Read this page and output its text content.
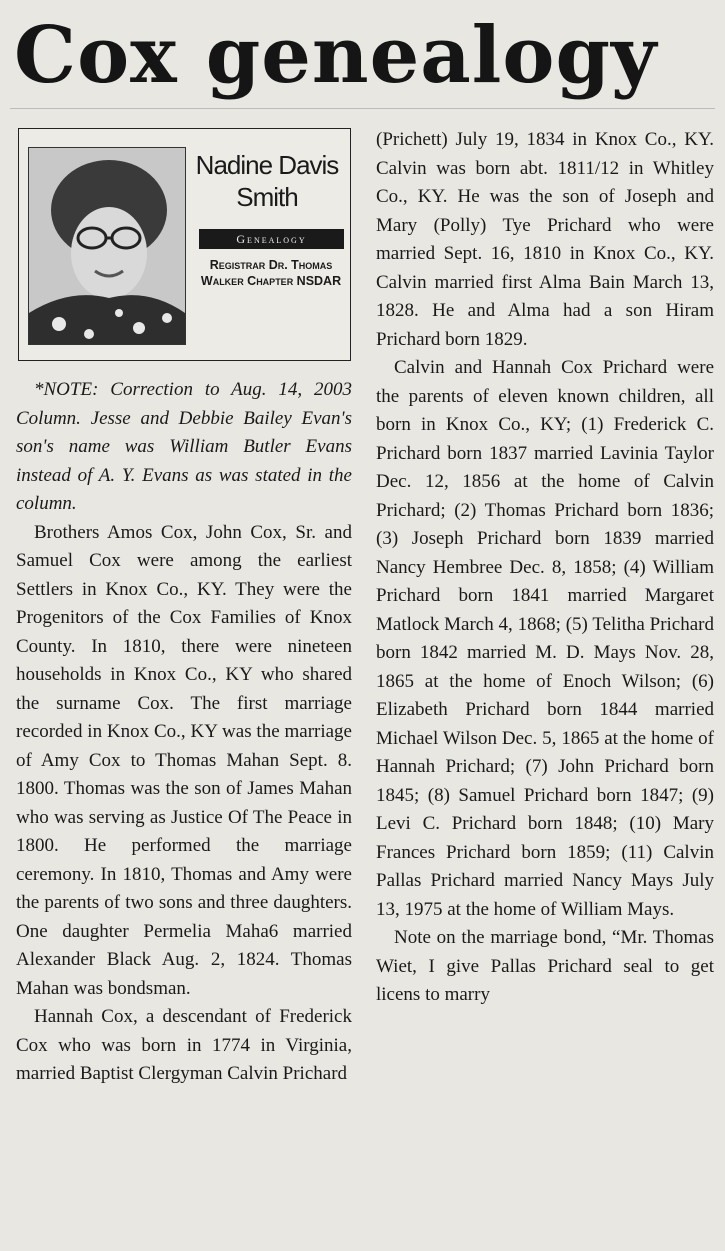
Cox genealogy
Nadine Davis Smith
Genealogy
Registrar Dr. Thomas Walker Chapter NSDAR

*NOTE: Correction to Aug. 14, 2003 Column. Jesse and Debbie Bailey Evan's son's name was William Butler Evans instead of A. Y. Evans as was stated in the column.

Brothers Amos Cox, John Cox, Sr. and Samuel Cox were among the earliest Settlers in Knox Co., KY. They were the Progenitors of the Cox Families of Knox County. In 1810, there were nineteen households in Knox Co., KY who shared the surname Cox. The first marriage recorded in Knox Co., KY was the marriage of Amy Cox to Thomas Mahan Sept. 8. 1800. Thomas was the son of James Mahan who was serving as Justice Of The Peace in 1800. He performed the marriage ceremony. In 1810, Thomas and Amy were the parents of two sons and three daughters. One daughter Permelia Maha6 married Alexander Black Aug. 2, 1824. Thomas Mahan was bondsman.

Hannah Cox, a descendant of Frederick Cox who was born in 1774 in Virginia, married Baptist Clergyman Calvin Prichard

(Prichett) July 19, 1834 in Knox Co., KY. Calvin was born abt. 1811/12 in Whitley Co., KY. He was the son of Joseph and Mary (Polly) Tye Prichard who were married Sept. 16, 1810 in Knox Co., KY. Calvin married first Alma Bain March 13, 1828. He and Alma had a son Hiram Prichard born 1829.

Calvin and Hannah Cox Prichard were the parents of eleven known children, all born in Knox Co., KY; (1) Frederick C. Prichard born 1837 married Lavinia Taylor Dec. 12, 1856 at the home of Calvin Prichard; (2) Thomas Prichard born 1836; (3) Joseph Prichard born 1839 married Nancy Hembree Dec. 8, 1858; (4) William Prichard born 1841 married Margaret Matlock March 4, 1868; (5) Telitha Prichard born 1842 married M. D. Mays Nov. 28, 1865 at the home of Enoch Wilson; (6) Elizabeth Prichard born 1844 married Michael Wilson Dec. 5, 1865 at the home of Hannah Prichard; (7) John Prichard born 1845; (8) Samuel Prichard born 1847; (9) Levi C. Prichard born 1848; (10) Mary Frances Prichard born 1859; (11) Calvin Pallas Prichard married Nancy Mays July 13, 1975 at the home of William Mays.

Note on the marriage bond, “Mr. Thomas Wiet, I give Pallas Prichard seal to get licens to marry
